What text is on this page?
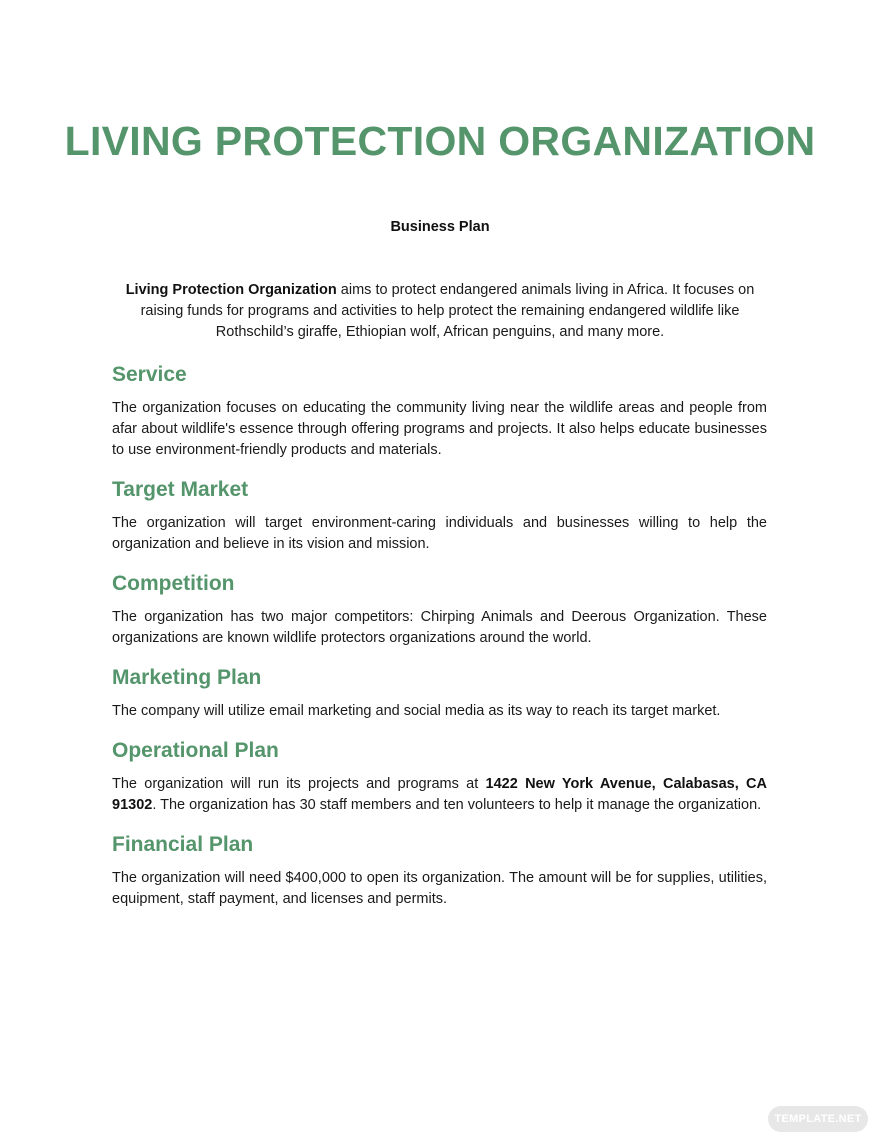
LIVING PROTECTION ORGANIZATION
Business Plan

Living Protection Organization aims to protect endangered animals living in Africa. It focuses on raising funds for programs and activities to help protect the remaining endangered wildlife like Rothschild’s giraffe, Ethiopian wolf, African penguins, and many more.

Service

The organization focuses on educating the community living near the wildlife areas and people from afar about wildlife's essence through offering programs and projects. It also helps educate businesses to use environment-friendly products and materials.

Target Market

The organization will target environment-caring individuals and businesses willing to help the organization and believe in its vision and mission.

Competition

The organization has two major competitors: Chirping Animals and Deerous Organization. These organizations are known wildlife protectors organizations around the world.

Marketing Plan

The company will utilize email marketing and social media as its way to reach its target market.

Operational Plan

The organization will run its projects and programs at 1422 New York Avenue, Calabasas, CA 91302. The organization has 30 staff members and ten volunteers to help it manage the organization.

Financial Plan

The organization will need $400,000 to open its organization. The amount will be for supplies, utilities, equipment, staff payment, and licenses and permits.

TEMPLATE.NET
